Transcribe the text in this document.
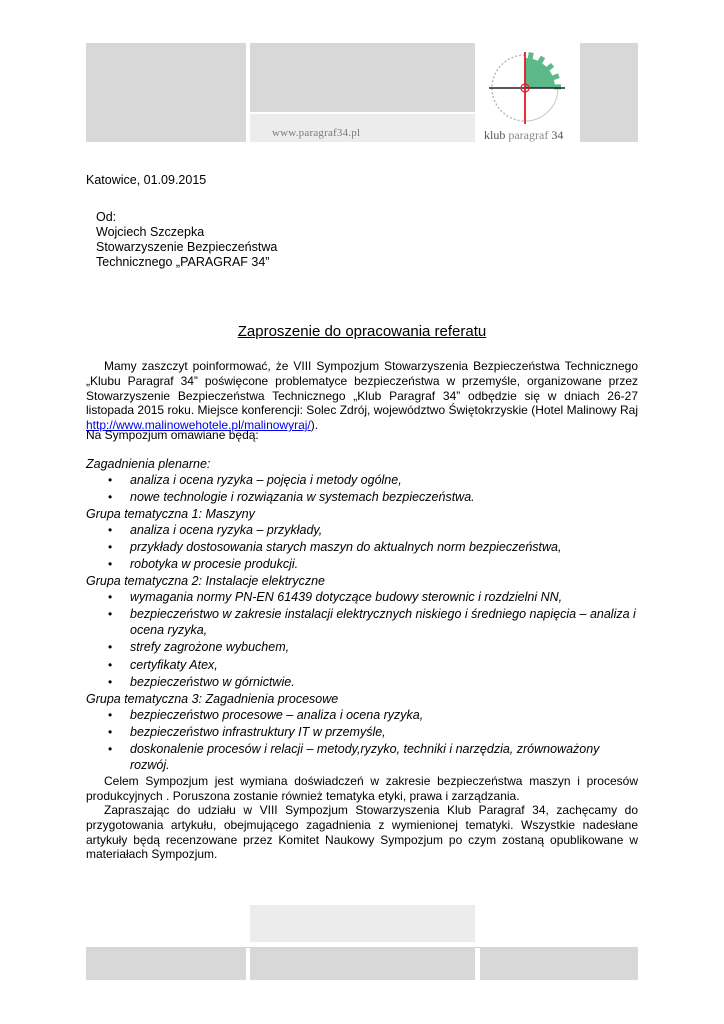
www.paragraf34.pl	klub paragraf 34
Katowice, 01.09.2015
Od:
Wojciech Szczepka
Stowarzyszenie Bezpieczeństwa
Technicznego „PARAGRAF 34”
Zaproszenie do opracowania referatu
Mamy zaszczyt poinformować, że VIII Sympozjum Stowarzyszenia Bezpieczeństwa Technicznego „Klubu Paragraf 34” poświęcone problematyce bezpieczeństwa w przemyśle, organizowane przez Stowarzyszenie Bezpieczeństwa Technicznego „Klub Paragraf 34” odbędzie się w dniach 26-27 listopada 2015 roku. Miejsce konferencji: Solec Zdrój, województwo Świętokrzyskie (Hotel Malinowy Raj http://www.malinowehotele.pl/malinowyraj/).
Na Sympozjum omawiane będą:
Zagadnienia plenarne:
• analiza i ocena ryzyka – pojęcia i metody ogólne,
• nowe technologie i rozwiązania w systemach bezpieczeństwa.
Grupa tematyczna 1: Maszyny
• analiza i ocena ryzyka – przykłady,
• przykłady dostosowania starych maszyn do aktualnych norm bezpieczeństwa,
• robotyka w procesie produkcji.
Grupa tematyczna 2: Instalacje elektryczne
• wymagania normy PN-EN 61439 dotyczące budowy sterownic i rozdzielni NN,
• bezpieczeństwo w zakresie instalacji elektrycznych niskiego i średniego napięcia – analiza i ocena ryzyka,
• strefy zagrożone wybuchem,
• certyfikaty Atex,
• bezpieczeństwo w górnictwie.
Grupa tematyczna 3: Zagadnienia procesowe
• bezpieczeństwo procesowe – analiza i ocena ryzyka,
• bezpieczeństwo infrastruktury IT w przemyśle,
• doskonalenie procesów i relacji – metody,ryzyko, techniki i narzędzia, zrównoważony rozwój.
Celem Sympozjum jest wymiana doświadczeń w zakresie bezpieczeństwa maszyn i procesów produkcyjnych . Poruszona zostanie również tematyka etyki, prawa i zarządzania.
Zapraszając do udziału w VIII Sympozjum Stowarzyszenia Klub Paragraf 34, zachęcamy do przygotowania artykułu, obejmującego zagadnienia z wymienionej tematyki. Wszystkie nadesłane artykuły będą recenzowane przez Komitet Naukowy Sympozjum po czym zostaną opublikowane w materiałach Sympozjum.
